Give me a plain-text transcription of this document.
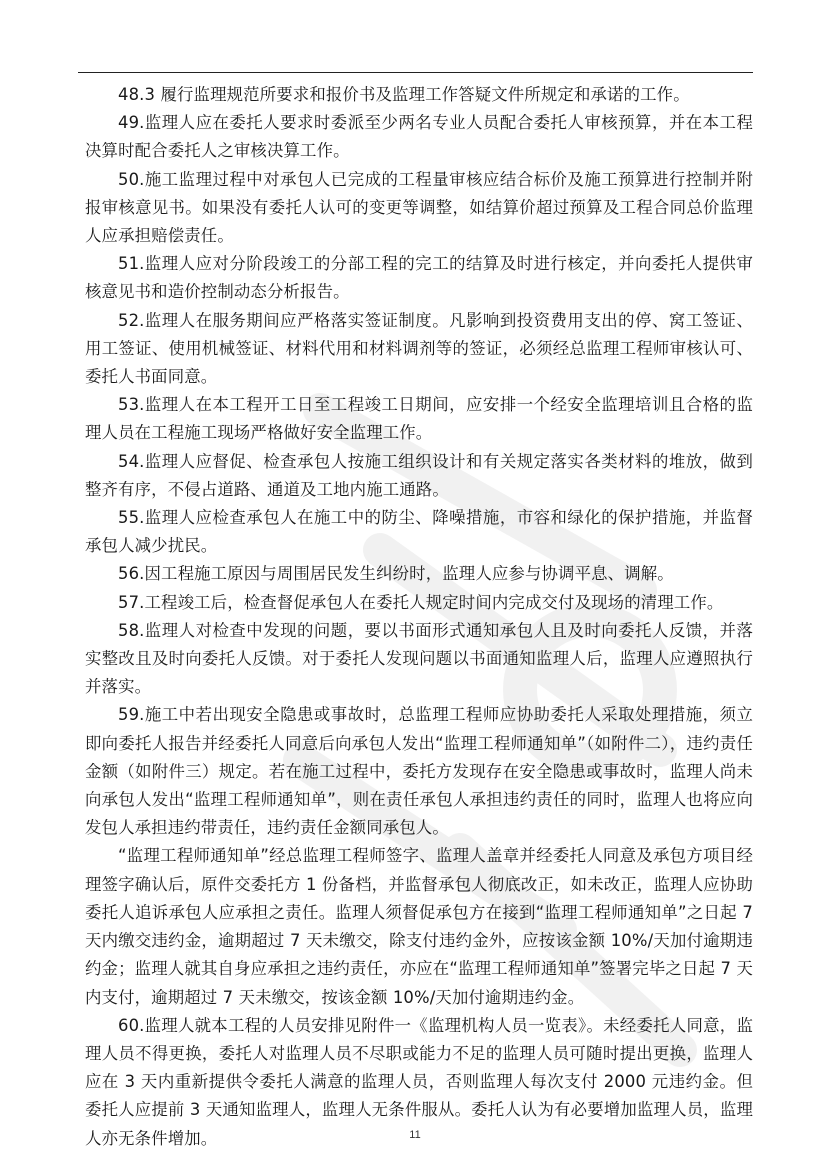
48.3 履行监理规范所要求和报价书及监理工作答疑文件所规定和承诺的工作。

49.监理人应在委托人要求时委派至少两名专业人员配合委托人审核预算，并在本工程决算时配合委托人之审核决算工作。

50.施工监理过程中对承包人已完成的工程量审核应结合标价及施工预算进行控制并附报审核意见书。如果没有委托人认可的变更等调整，如结算价超过预算及工程合同总价监理人应承担赔偿责任。

51.监理人应对分阶段竣工的分部工程的完工的结算及时进行核定，并向委托人提供审核意见书和造价控制动态分析报告。

52.监理人在服务期间应严格落实签证制度。凡影响到投资费用支出的停、窝工签证、用工签证、使用机械签证、材料代用和材料调剂等的签证，必须经总监理工程师审核认可、委托人书面同意。

53.监理人在本工程开工日至工程竣工日期间，应安排一个经安全监理培训且合格的监理人员在工程施工现场严格做好安全监理工作。

54.监理人应督促、检查承包人按施工组织设计和有关规定落实各类材料的堆放，做到整齐有序，不侵占道路、通道及工地内施工通路。

55.监理人应检查承包人在施工中的防尘、降噪措施，市容和绿化的保护措施，并监督承包人减少扰民。

56.因工程施工原因与周围居民发生纠纷时，监理人应参与协调平息、调解。

57.工程竣工后，检查督促承包人在委托人规定时间内完成交付及现场的清理工作。

58.监理人对检查中发现的问题，要以书面形式通知承包人且及时向委托人反馈，并落实整改且及时向委托人反馈。对于委托人发现问题以书面通知监理人后，监理人应遵照执行并落实。

59.施工中若出现安全隐患或事故时，总监理工程师应协助委托人采取处理措施，须立即向委托人报告并经委托人同意后向承包人发出“监理工程师通知单”（如附件二），违约责任金额（如附件三）规定。若在施工过程中，委托方发现存在安全隐患或事故时，监理人尚未向承包人发出“监理工程师通知单”，则在责任承包人承担违约责任的同时，监理人也将应向发包人承担违约带责任，违约责任金额同承包人。

“监理工程师通知单”经总监理工程师签字、监理人盖章并经委托人同意及承包方项目经理签字确认后，原件交委托方 1 份备档，并监督承包人彻底改正，如未改正，监理人应协助委托人追诉承包人应承担之责任。监理人须督促承包方在接到“监理工程师通知单”之日起 7 天内缴交违约金，逾期超过 7 天未缴交，除支付违约金外，应按该金额 10%/天加付逾期违约金；监理人就其自身应承担之违约责任，亦应在“监理工程师通知单”签署完毕之日起 7 天内支付，逾期超过 7 天未缴交，按该金额 10%/天加付逾期违约金。

60.监理人就本工程的人员安排见附件一《监理机构人员一览表》。未经委托人同意，监理人员不得更换，委托人对监理人员不尽职或能力不足的监理人员可随时提出更换，监理人应在 3 天内重新提供令委托人满意的监理人员，否则监理人每次支付 2000 元违约金。但委托人应提前 3 天通知监理人，监理人无条件服从。委托人认为有必要增加监理人员，监理人亦无条件增加。	11
